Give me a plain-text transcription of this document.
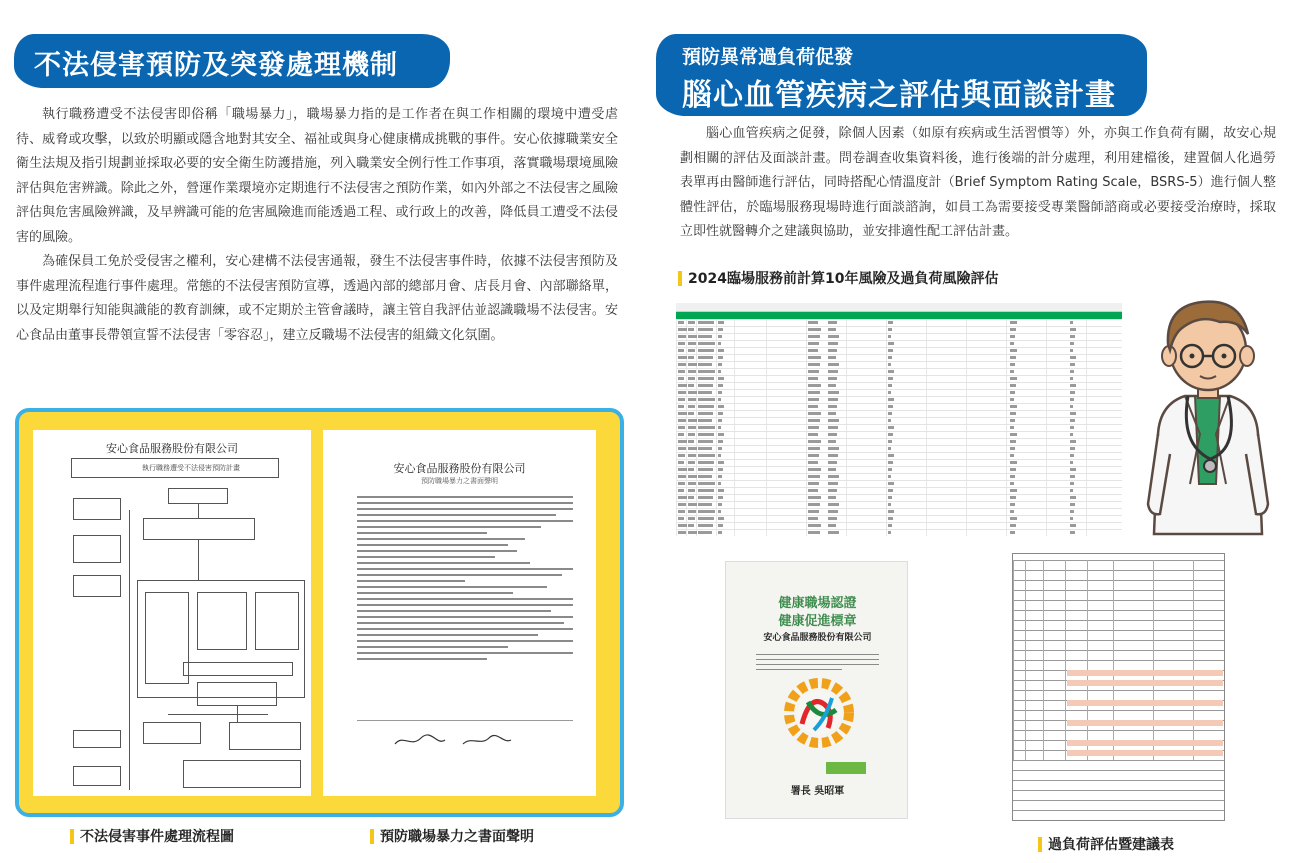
不法侵害預防及突發處理機制

執行職務遭受不法侵害即俗稱「職場暴力」，職場暴力指的是工作者在與工作相關的環境中遭受虐待、威脅或攻擊，以致於明顯或隱含地對其安全、福祉或與身心健康構成挑戰的事件。安心依據職業安全衛生法規及指引規劃並採取必要的安全衛生防護措施，列入職業安全例行性工作事項，落實職場環境風險評估與危害辨識。除此之外，營運作業環境亦定期進行不法侵害之預防作業，如內外部之不法侵害之風險評估與危害風險辨識，及早辨識可能的危害風險進而能透過工程、或行政上的改善，降低員工遭受不法侵害的風險。

為確保員工免於受侵害之權利，安心建構不法侵害通報，發生不法侵害事件時，依據不法侵害預防及事件處理流程進行事件處理。常態的不法侵害預防宣導，透過內部的總部月會、店長月會、內部聯絡單，以及定期舉行知能與識能的教育訓練，或不定期於主管會議時，讓主管自我評估並認識職場不法侵害。安心食品由董事長帶領宣誓不法侵害「零容忍」，建立反職場不法侵害的組織文化氛圍。

安心食品服務股份有限公司
執行職務遭受不法侵害預防計畫	安心食品服務股份有限公司
預防職場暴力之書面聲明
不法侵害事件處理流程圖	預防職場暴力之書面聲明
預防異常過負荷促發
腦心血管疾病之評估與面談計畫

腦心血管疾病之促發，除個人因素（如原有疾病或生活習慣等）外，亦與工作負荷有關，故安心規劃相關的評估及面談計畫。問卷調查收集資料後，進行後端的計分處理，利用建檔後，建置個人化過勞表單再由醫師進行評估，同時搭配心情溫度計（Brief Symptom Rating Scale，BSRS-5）進行個人整體性評估，於臨場服務現場時進行面談諮詢，如員工為需要接受專業醫師諮商或必要接受治療時，採取立即性就醫轉介之建議與協助，並安排適性配工評估計畫。

2024臨場服務前計算10年風險及過負荷風險評估
健康職場認證
健康促進標章
安心食品服務股份有限公司
署長 吳昭軍
過負荷評估暨建議表
